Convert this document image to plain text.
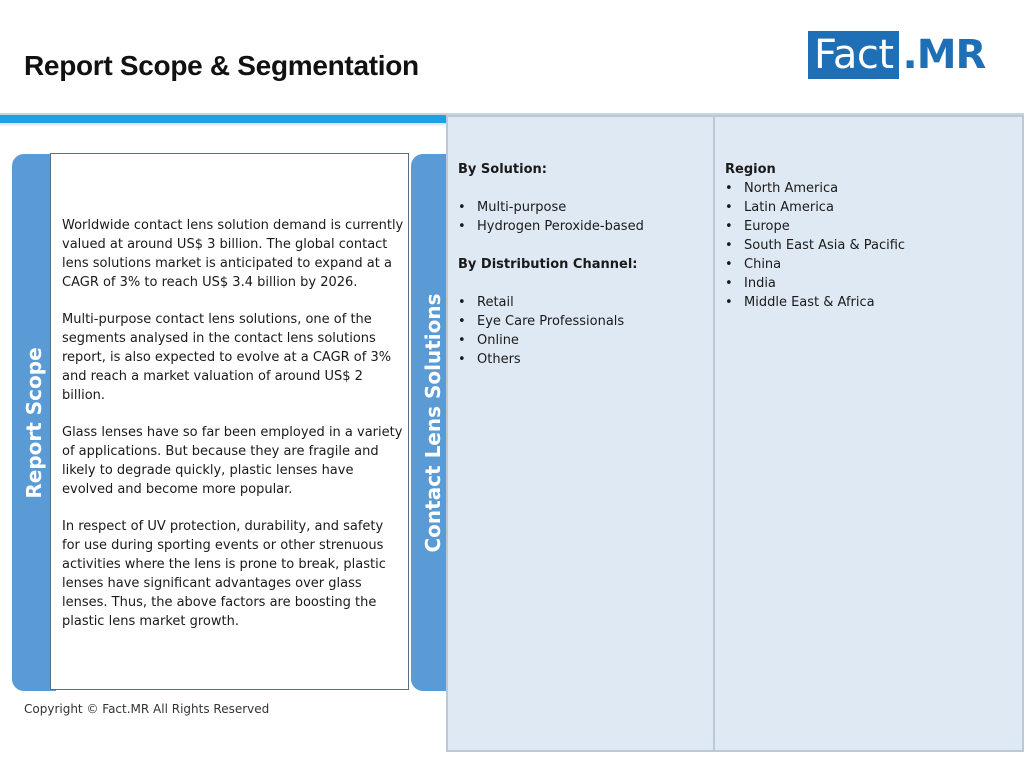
Report Scope & Segmentation	Fact .MR
Report Scope

Worldwide contact lens solution demand is currently valued at around US$ 3 billion. The global contact lens solutions market is anticipated to expand at a CAGR of 3% to reach US$ 3.4 billion by 2026.

Multi-purpose contact lens solutions, one of the segments analysed in the contact lens solutions report, is also expected to evolve at a CAGR of 3% and reach a market valuation of around US$ 2 billion.

Glass lenses have so far been employed in a variety of applications. But because they are fragile and likely to degrade quickly, plastic lenses have evolved and become more popular.

In respect of UV protection, durability, and safety for use during sporting events or other strenuous activities where the lens is prone to break, plastic lenses have significant advantages over glass lenses. Thus, the above factors are boosting the plastic lens market growth.

Contact Lens Solutions

By Solution:

• Multi-purpose
• Hydrogen Peroxide-based

By Distribution Channel:

• Retail
• Eye Care Professionals
• Online
• Others

Region

• North America
• Latin America
• Europe
• South East Asia & Pacific
• China
• India
• Middle East & Africa
Copyright © Fact.MR All Rights Reserved
